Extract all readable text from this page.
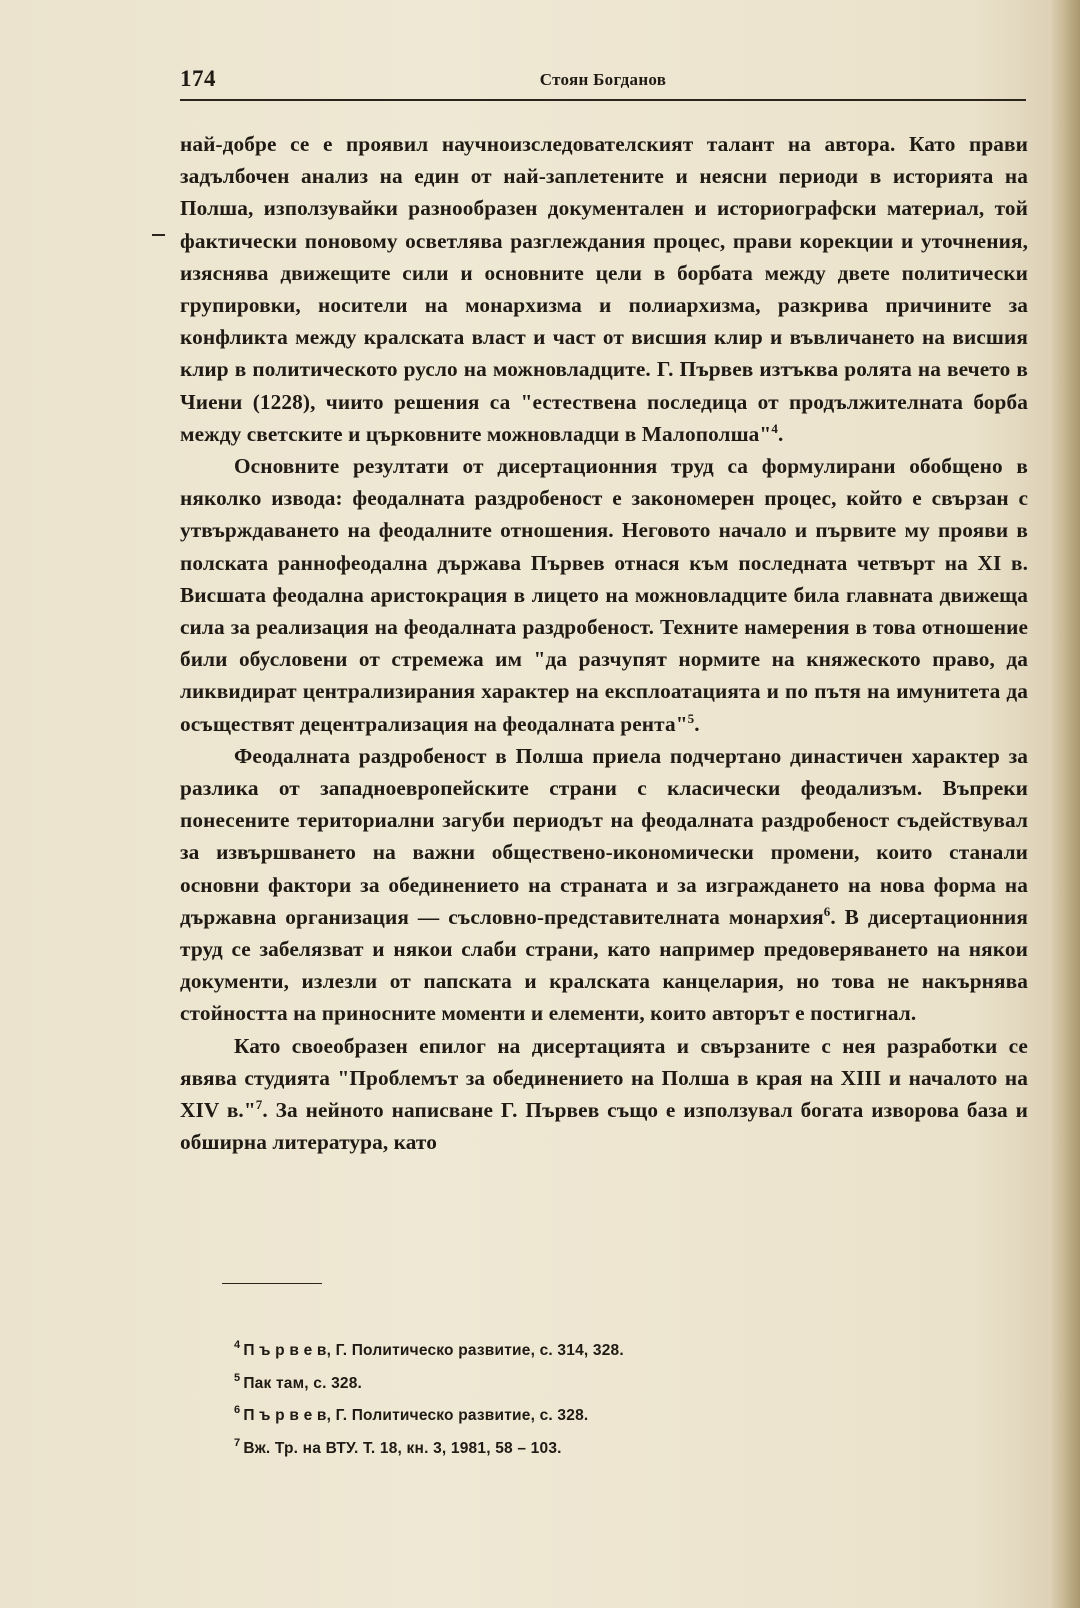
174	Стоян Богданов

най-добре се е проявил научноизследователският талант на автора. Като прави задълбочен анализ на един от най-заплетените и неясни периоди в историята на Полша, използувайки разнообразен документален и историографски материал, той фактически поновому осветлява разглеждания процес, прави корекции и уточнения, изяснява движещите сили и основните цели в борбата между двете политически групировки, носители на монархизма и полиархизма, разкрива причините за конфликта между кралската власт и част от висшия клир и въвличането на висшия клир в политическото русло на можновладците. Г. Първев изтъква ролята на вечето в Чиени (1228), чиито решения са "естествена последица от продължителната борба между светските и църковните можновладци в Малополша"$^4$.

Основните резултати от дисертационния труд са формулирани обобщено в няколко извода: феодалната раздробеност е закономерен процес, който е свързан с утвърждаването на феодалните отношения. Неговото начало и първите му прояви в полската раннофеодална държава Първев отнася към последната четвърт на XI в. Висшата феодална аристокрация в лицето на можновладците била главната движеща сила за реализация на феодалната раздробеност. Техните намерения в това отношение били обусловени от стремежа им "да разчупят нормите на княжеското право, да ликвидират централизирания характер на експлоатацията и по пътя на имунитета да осъществят децентрализация на феодалната рента"$^5$.

Феодалната раздробеност в Полша приела подчертано династичен характер за разлика от западноевропейските страни с класически феодализъм. Въпреки понесените териториални загуби периодът на феодалната раздробеност съдействувал за извършването на важни обществено-икономически промени, които станали основни фактори за обединението на страната и за изграждането на нова форма на държавна организация — съсловно-представителната монархия$^6$. В дисертационния труд се забелязват и някои слаби страни, като например предоверяването на някои документи, излезли от папската и кралската канцелария, но това не накърнява стойността на приносните моменти и елементи, които авторът е постигнал.

Като своеобразен епилог на дисертацията и свързаните с нея разработки се явява студията "Проблемът за обединението на Полша в края на XIII и началото на XIV в."$^7$. За нейното написване Г. Първев също е използувал богата изворова база и обширна литература, като

$^4$ П ъ р в е в, Г. Политическо развитие, с. 314, 328.
$^5$ Пак там, с. 328.
$^6$ П ъ р в е в, Г. Политическо развитие, с. 328.
$^7$ Вж. Тр. на ВТУ. Т. 18, кн. 3, 1981, 58 – 103.
